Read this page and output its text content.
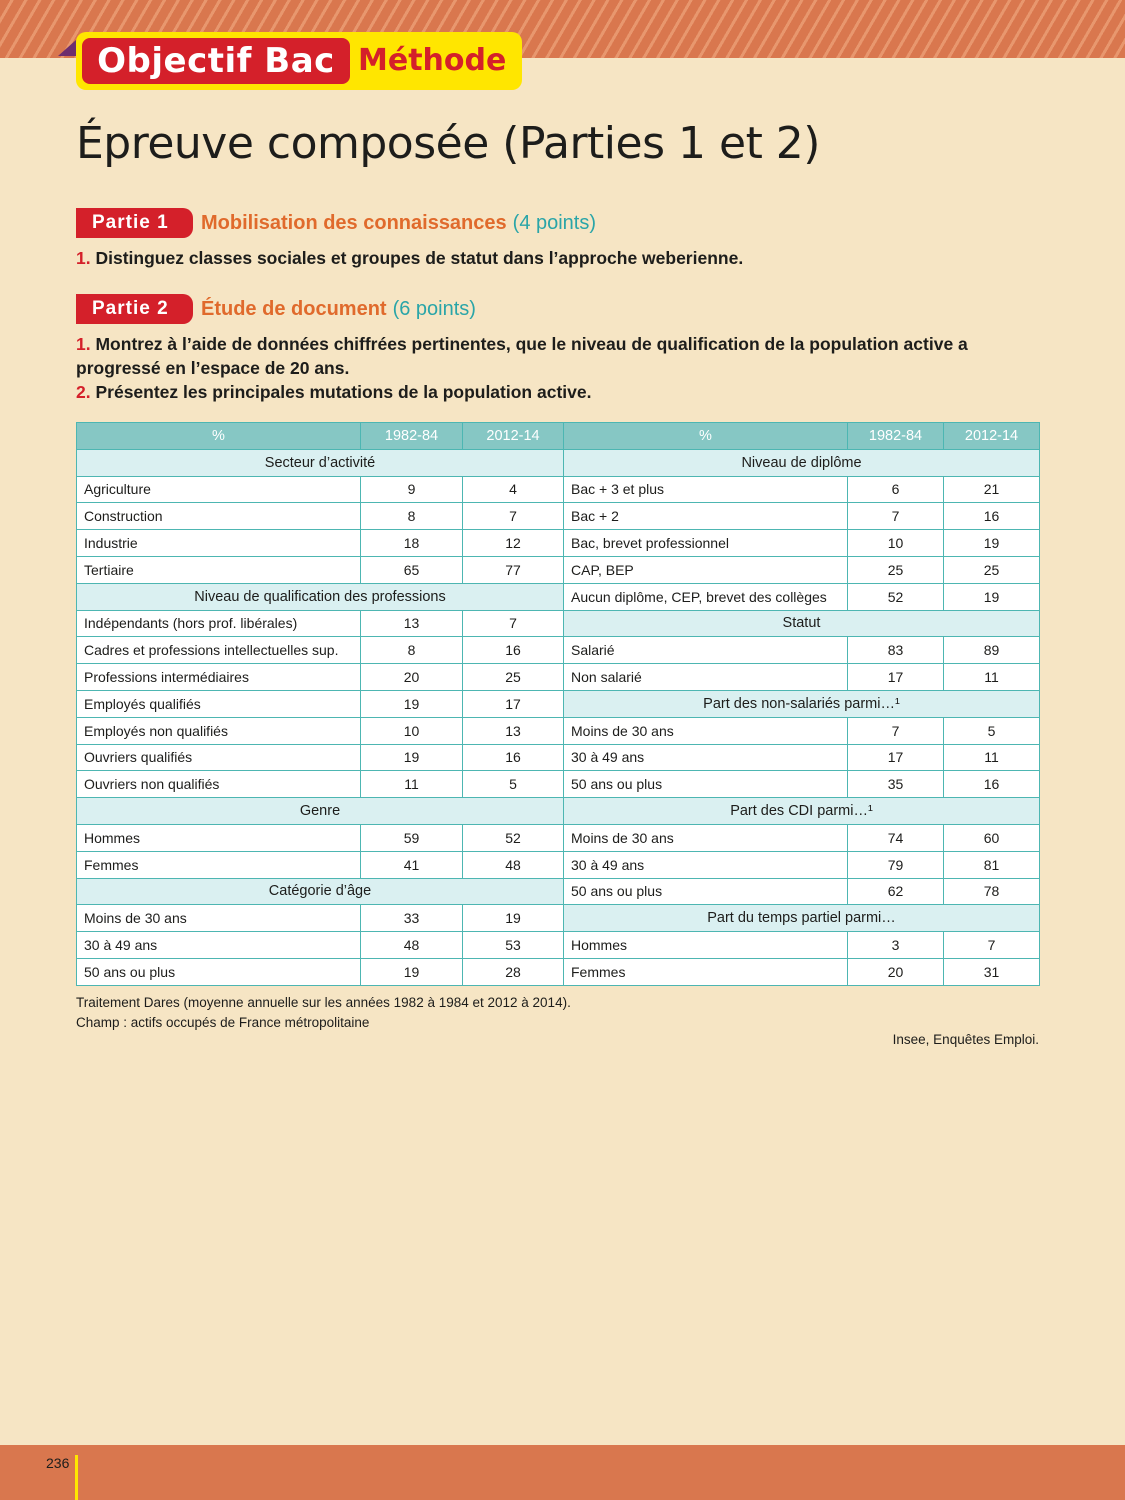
Objectif Bac Méthode
Épreuve composée (Parties 1 et 2)
Partie 1	Mobilisation des connaissances (4 points)
1. Distinguez classes sociales et groupes de statut dans l’approche weberienne.
Partie 2	Étude de document (6 points)
1. Montrez à l’aide de données chiffrées pertinentes, que le niveau de qualification de la population active a progressé en l’espace de 20 ans.
2. Présentez les principales mutations de la population active.
%	1982-84	2012-14	%	1982-84	2012-14
Secteur d’activité			Niveau de diplôme		
Agriculture	9	4	Bac + 3 et plus	6	21
Construction	8	7	Bac + 2	7	16
Industrie	18	12	Bac, brevet professionnel	10	19
Tertiaire	65	77	CAP, BEP	25	25
Niveau de qualification des professions			Aucun diplôme, CEP, brevet des collèges	52	19
Indépendants (hors prof. libérales)	13	7	Statut		
Cadres et professions intellectuelles sup.	8	16	Salarié	83	89
Professions intermédiaires	20	25	Non salarié	17	11
Employés qualifiés	19	17	Part des non-salariés parmi…¹		
Employés non qualifiés	10	13	Moins de 30 ans	7	5
Ouvriers qualifiés	19	16	30 à 49 ans	17	11
Ouvriers non qualifiés	11	5	50 ans ou plus	35	16
Genre			Part des CDI parmi…¹		
Hommes	59	52	Moins de 30 ans	74	60
Femmes	41	48	30 à 49 ans	79	81
Catégorie d’âge			50 ans ou plus	62	78
Moins de 30 ans	33	19	Part du temps partiel parmi…		
30 à 49 ans	48	53	Hommes	3	7
50 ans ou plus	19	28	Femmes	20	31
Traitement Dares (moyenne annuelle sur les années 1982 à 1984 et 2012 à 2014).
Champ : actifs occupés de France métropolitaine
Insee, Enquêtes Emploi.
236
